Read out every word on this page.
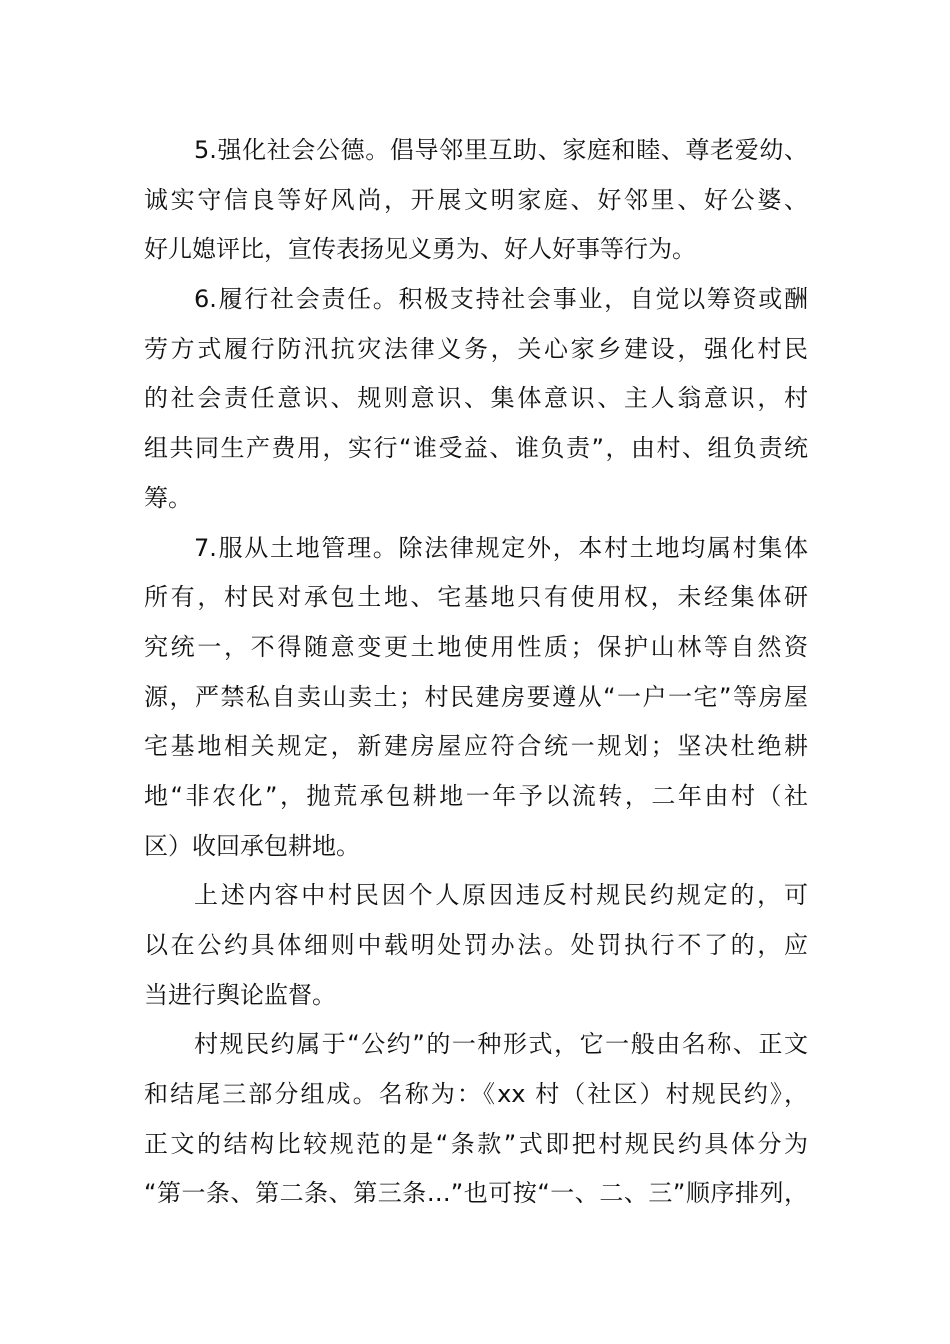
5.强化社会公德。倡导邻里互助、家庭和睦、尊老爱幼、
诚实守信良等好风尚，开展文明家庭、好邻里、好公婆、
好儿媳评比，宣传表扬见义勇为、好人好事等行为。
6.履行社会责任。积极支持社会事业，自觉以筹资或酬
劳方式履行防汛抗灾法律义务，关心家乡建设，强化村民
的社会责任意识、规则意识、集体意识、主人翁意识，村
组共同生产费用，实行“谁受益、谁负责”，由村、组负责统
筹。
7.服从土地管理。除法律规定外，本村土地均属村集体
所有，村民对承包土地、宅基地只有使用权，未经集体研
究统一，不得随意变更土地使用性质；保护山林等自然资
源，严禁私自卖山卖土；村民建房要遵从“一户一宅”等房屋
宅基地相关规定，新建房屋应符合统一规划；坚决杜绝耕
地“非农化”，抛荒承包耕地一年予以流转，二年由村（社
区）收回承包耕地。
上述内容中村民因个人原因违反村规民约规定的，可
以在公约具体细则中载明处罚办法。处罚执行不了的，应
当进行舆论监督。
村规民约属于“公约”的一种形式，它一般由名称、正文
和结尾三部分组成。名称为：《xx 村（社区）村规民约》，
正文的结构比较规范的是“条款”式即把村规民约具体分为
“第一条、第二条、第三条…”也可按“一、二、三”顺序排列，
